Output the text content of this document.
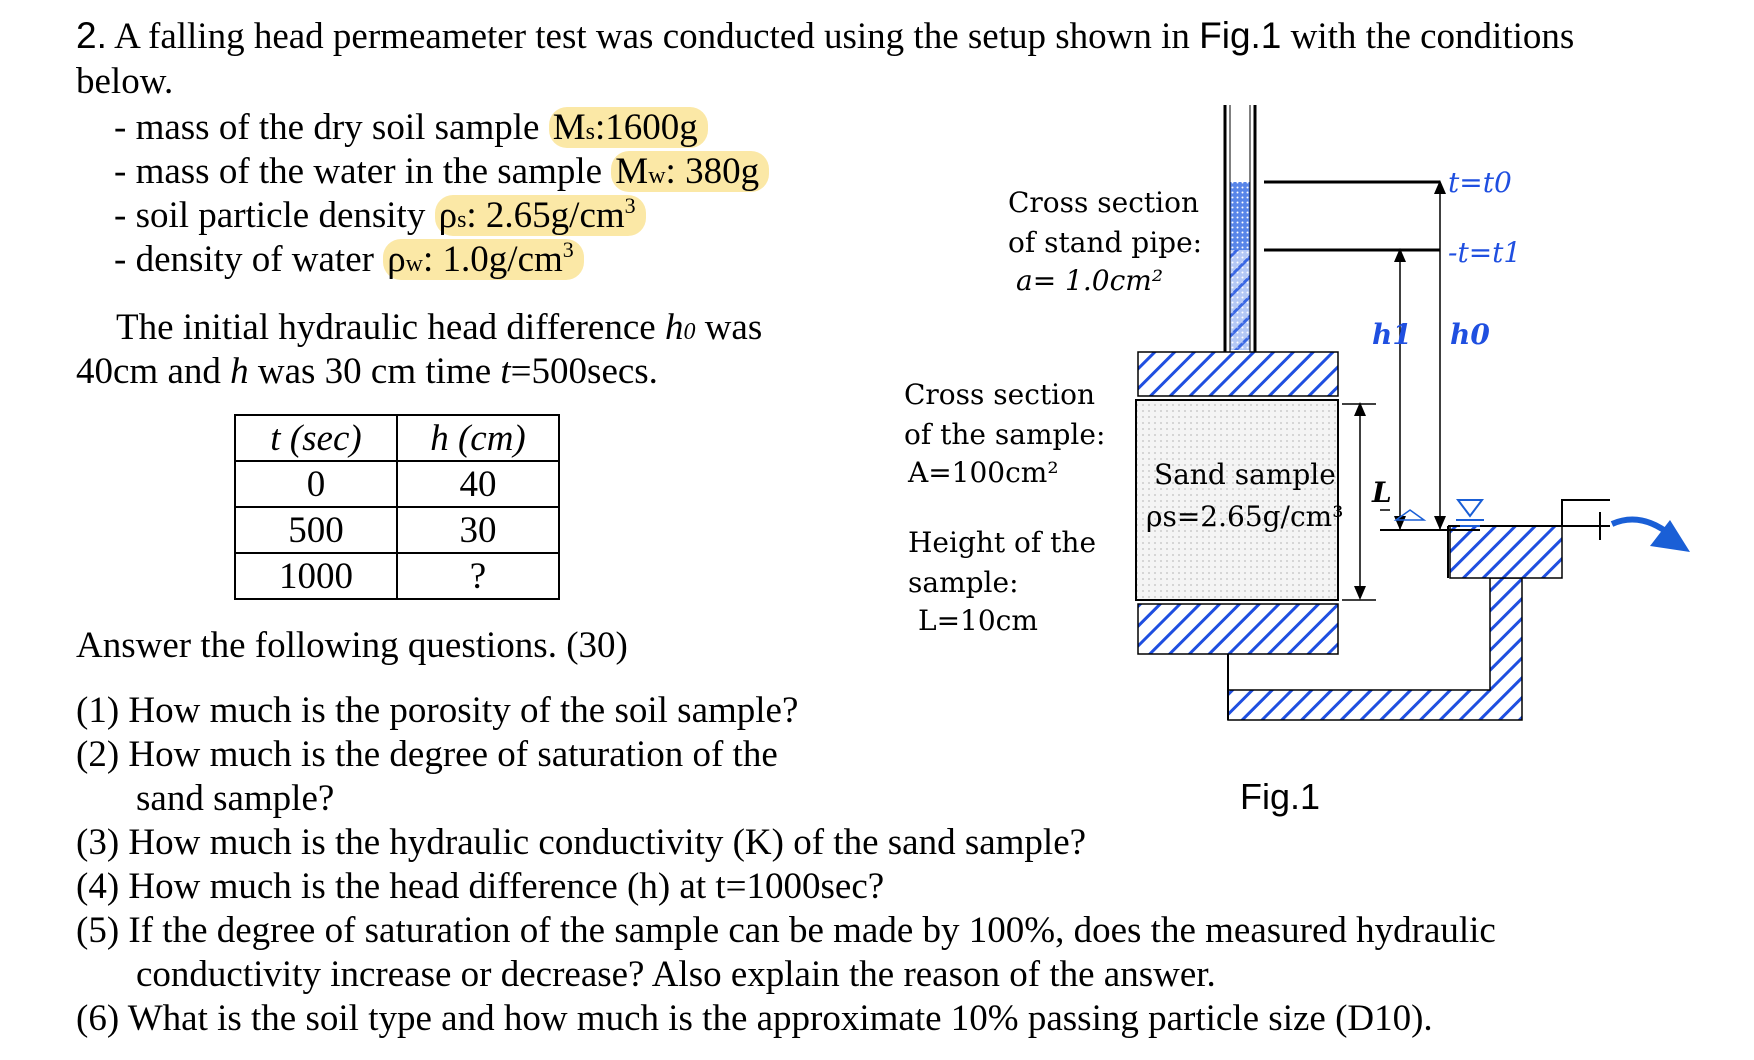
2. A falling head permeameter test was conducted using the setup shown in Fig.1 with the conditions
below.
- mass of the dry soil sample Ms:1600g
- mass of the water in the sample Mw: 380g
- soil particle density ρs: $2.65g/cm^3$
- density of water ρw: $1.0g/cm^3$
The initial hydraulic head difference h0 was
40cm and h was 30 cm time t=500secs.
t (sec)	h (cm)
0	40
500	30
1000	?
Answer the following questions. (30)
(1) How much is the porosity of the soil sample?
(2) How much is the degree of saturation of the
sand sample?
(3) How much is the hydraulic conductivity (K) of the sand sample?
(4) How much is the head difference (h) at t=1000sec?
(5) If the degree of saturation of the sample can be made by 100%, does the measured hydraulic
conductivity increase or decrease? Also explain the reason of the answer.
(6) What is the soil type and how much is the approximate 10% passing particle size (D10).
Cross section
of stand pipe:
a= 1.0cm²
Cross section
of the sample:
A=100cm²
Height of the
sample:
L=10cm
Fig.1
Sand sample
ρs=2.65g/cm³
t=t0
-t=t1
h1 h0
L
